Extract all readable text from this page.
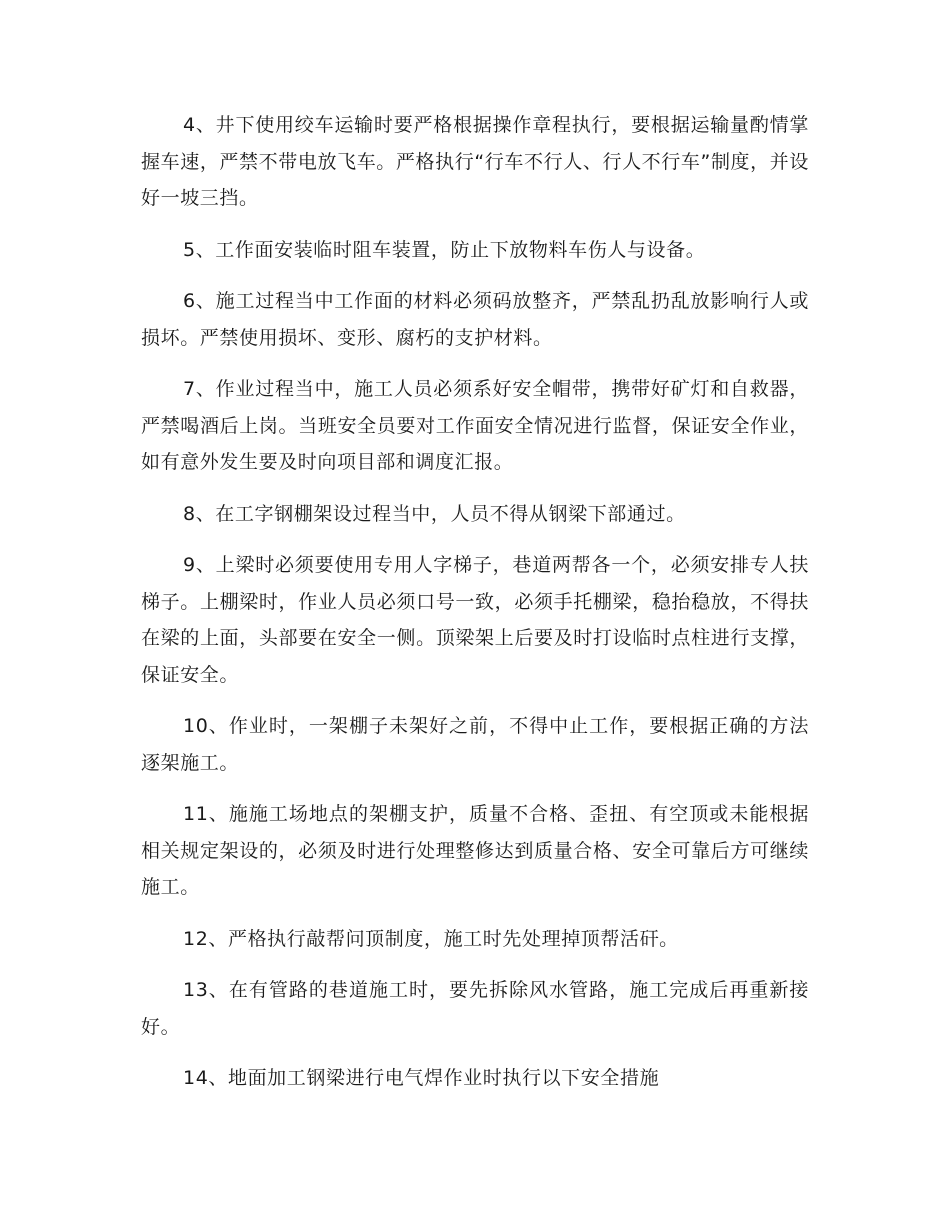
4、井下使用绞车运输时要严格根据操作章程执行，要根据运输量酌情掌握车速，严禁不带电放飞车。严格执行“行车不行人、行人不行车”制度，并设好一坡三挡。

5、工作面安装临时阻车装置，防止下放物料车伤人与设备。

6、施工过程当中工作面的材料必须码放整齐，严禁乱扔乱放影响行人或损坏。严禁使用损坏、变形、腐朽的支护材料。

7、作业过程当中，施工人员必须系好安全帽带，携带好矿灯和自救器，严禁喝酒后上岗。当班安全员要对工作面安全情况进行监督，保证安全作业，如有意外发生要及时向项目部和调度汇报。

8、在工字钢棚架设过程当中，人员不得从钢梁下部通过。

9、上梁时必须要使用专用人字梯子，巷道两帮各一个，必须安排专人扶梯子。上棚梁时，作业人员必须口号一致，必须手托棚梁，稳抬稳放，不得扶在梁的上面，头部要在安全一侧。顶梁架上后要及时打设临时点柱进行支撑，保证安全。

10、作业时，一架棚子未架好之前，不得中止工作，要根据正确的方法逐架施工。

11、施施工场地点的架棚支护，质量不合格、歪扭、有空顶或未能根据相关规定架设的，必须及时进行处理整修达到质量合格、安全可靠后方可继续施工。

12、严格执行敲帮问顶制度，施工时先处理掉顶帮活矸。

13、在有管路的巷道施工时，要先拆除风水管路，施工完成后再重新接好。

14、地面加工钢梁进行电气焊作业时执行以下安全措施
